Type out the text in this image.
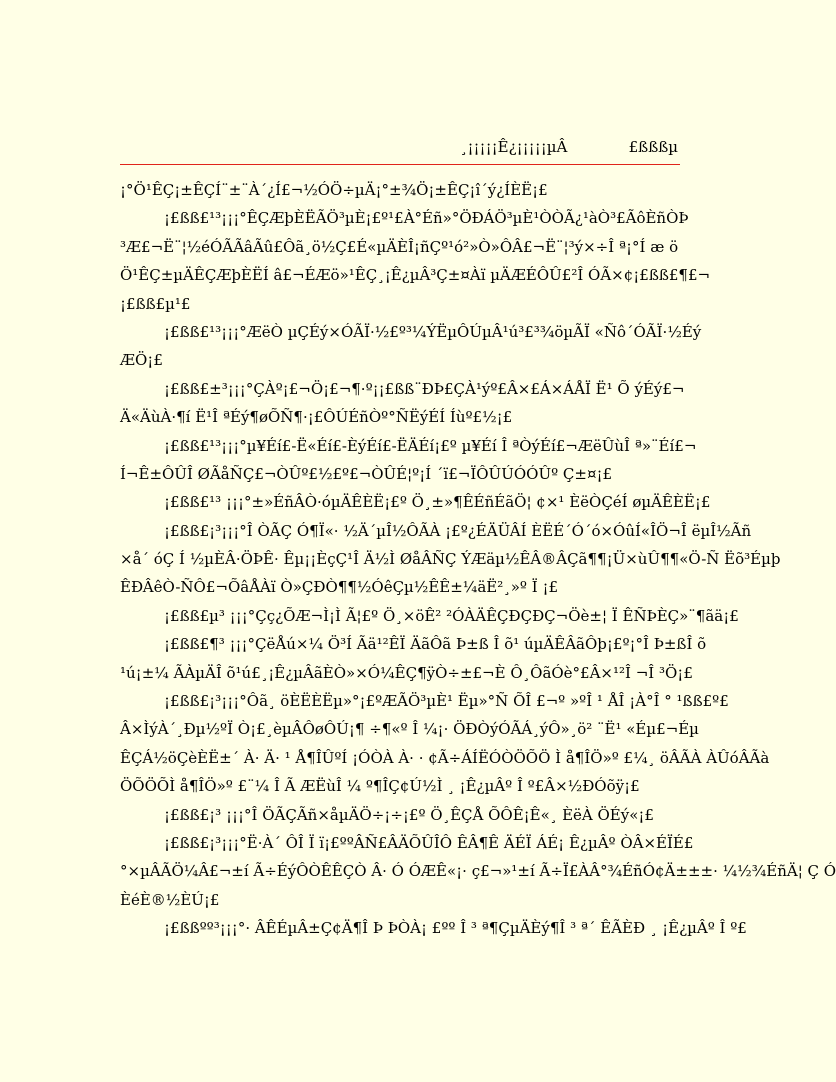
¸¡¡¡¡¡Ê¿¡¡¡¡¡µÂ	£ßßßµ
¡°Ö¹ÊÇ¡±ÊÇÍ¨±¨À´¿Í£¬½ÓÖ÷µÄ¡°±¾Ö¡±ÊÇ¡î´ý¿ÍÈË¡£
¡£ßß£¹³¡¡¡°ÊÇÆþÈËÃÖ³µÈ¡£º¹£À°Éñ»°ÖÐÁÖ³µÈ¹ÒÒÃ¿¹àÒ³£ÃôÈñÒÞ
³Æ£¬Ë¨¦½éÓÃÃâÃû£Ôã¸ö½Ç£É«µÄÈÎ¡ñÇº¹ó²»Ò»ÔÂ£¬Ë¨¦³ý×÷Î ª¡°Í æ ö
Ö¹ÊÇ±µÄÊÇÆþÈËÍ â£¬ÉÆö»¹ÊÇ¸¡Ê¿µÂ³Ç±¤Àï µÄÆÉÔÛ£²Î ÓÃ×¢¡£ßß£¶£¬
¡£ßß£µ¹£
¡£ßß£¹³¡¡¡°ÆëÒ µÇÉý×ÓÃÏ·½£º³¼ÝËµÔÚµÂ¹ú³£³¾öµÃÏ «Ñô´ÓÃÏ·½Éý
ÆÖ¡£
¡£ßß£±³¡¡¡°ÇÀº¡£¬Ö¡£¬¶·º¡¡£ßß¨ÐÞ£ÇÀ¹ýº£Â×£Á×ÁÅÏ Ë¹ Õ ýÉý£¬
Ä«ÄùÀ·¶í Ë¹Î ªÉý¶øÕÑ¶·¡£ÔÚÉñÒº°ÑËýÉÍ Íùº£½¡£
¡£ßß£¹³¡¡¡°µ¥Éí£-Ë«Éí£-ÈýÉí£-ËÄÉí¡£º µ¥Éí Î ªÒýÉí£¬ÆëÛùÎ ª»¨Éí£¬
Í¬Ê±ÔÛÎ ØÃåÑÇ£¬ÒÛº£½£º£¬ÒÛÉ¦º¡Í ´ï£¬ÏÔÛÚÓÓÛº Ç±¤¡£
¡£ßß£¹³ ¡¡¡°±»ÉñÂÒ·óµÄÊÈË¡£º Ö¸±»¶ÊÉñÉãÖ¦ ¢×¹ ÈëÒÇéÍ øµÄÊÈË¡£
¡£ßß£¡³¡¡¡°Î ÒÃÇ Ó¶Ï«· ½Ä´µÎ½ÔÃÀ ¡£º¿ÉÄÜÂÍ ÈËÉ´Ó´ó×ÓûÍ«ÎÖ¬Î ëµÎ½Ãñ
×å´ óÇ Í ½µÈÂ·ÖÞÊ· Êµ¡¡ÈçÇ¹Î Ä½Ì ØåÂÑÇ ÝÆäµ½ÊÂ®ÂÇã¶¶¡Ü×ùÛ¶¶«Ö-Ñ Ëõ³Éµþ
ÊÐÂêÒ-ÑÔ£¬ÕâÅÀï Ò»ÇÐÒ¶¶½ÓêÇµ½ÊÊ±¼äË²¸»º Ï ¡£
¡£ßß£µ³ ¡¡¡°Çç¿ÕÆ¬Ì¡Ì Ã¦£º Ö¸×öÊ² ²ÓÀÄÊÇÐÇÐÇ¬Öè±¦ Ï ÊÑÞÈÇ»¨¶ãä¡£
¡£ßß£¶³ ¡¡¡°ÇëÅú×¼ Ö³Í Ãä¹²ÊÏ ÄãÔã Þ±ß Î õ¹ úµÄÊÂãÔþ¡£º¡°Î Þ±ßÎ õ
¹ú¡±¼ ÃÀµÄÎ õ¹ú£¸¡Ê¿µÂãÈÒ»×Ó¼ÊÇ¶ÿÒ÷±£¬È Ô¸ÔãÓè°£Â×¹²Î ¬Î ³Ö¡£
¡£ßß£¡³¡¡¡°Ôã¸ öÈËÈËµ»°¡£ºÆÃÖ³µÈ¹ Ëµ»°Ñ ÕÎ £¬º »ºÎ ¹ ÅÎ ¡À°Î ° ¹ßß£º£
Â×ÌýÀ´¸Ðµ½ºÏ Ò¡£¸èµÂÔøÔÚ¡¶ ÷¶«º Î ¼¡· ÖÐÒýÓÃÁ¸ýÔ»¸ö² ¨Ë¹ «Éµ£¬Éµ
ÊÇÁ½öÇèÈË±´ À· Ä· ¹ Å¶ÎÛºÍ ¡ÓÒÀ À· · ¢Ã÷ÁÍËÓÒÖÕÖ Ì å¶ÎÖ»º £¼¸ öÂÃÀ ÀÛóÂÃà
ÖÕÖÕÌ å¶ÎÖ»º £¨¼ Î Ã ÆËùÎ ¼ º¶ÎÇ¢Ú½Ì ¸ ¡Ê¿µÂº Î º£Â×½ÐÓõÿ¡£
¡£ßß£¡³ ¡¡¡°Î ÖÃÇÃñ×åµÄÖ÷¡÷¡£º Ö¸ÊÇÅ ÕÔÊ¡Ê«¸ ÈëÀ ÖÉý«¡£
¡£ßß£¡³¡¡¡°Ë·À´ ÔÎ Ï ï¡£ººÂÑ£ÂÄÕÛÎÔ ÊÂ¶Ê ÄÉÏ ÁÉ¡ Ê¿µÂº ÒÂ×ÉÏÉ£
°×µÂÃÖ¼Â£¬±í Ã÷ÉýÔÒÊÊÇÒ Â· Ó ÓÆÊ«¡· ç£¬»¹±í Ã÷Ï£ÀÂ°¾ÉñÓ¢Ä±±±· ¼½¾ÉñÄ¦ Ç Ó
ÈéÈ®½ÈÚ¡£
¡£ßßºº³¡¡¡°· ÂÊÉµÂ±Ç¢Ä¶Î Þ ÞÒÀ¡ £ºº Î ³ ª¶ÇµÄÈý¶Î ³ ª´ ÊÃÈÐ ¸ ¡Ê¿µÂº Î º£
